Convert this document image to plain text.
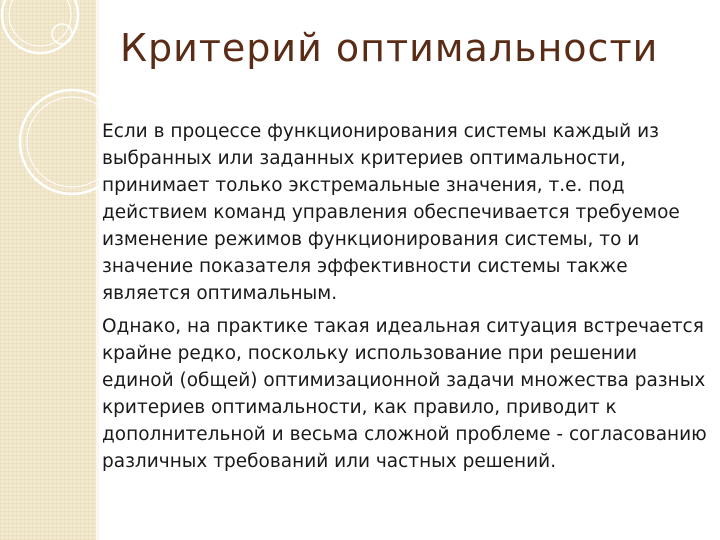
Критерий оптимальности

Если в процессе функционирования системы каждый из выбранных или заданных критериев оптимальности, принимает только экстремальные значения, т.е. под действием команд управления обеспечивается требуемое изменение режимов функционирования системы, то и значение показателя эффективности системы также является оптимальным.

Однако, на практике такая идеальная ситуация встречается крайне редко, поскольку использование при решении единой (общей) оптимизационной задачи множества разных критериев оптимальности, как правило, приводит к дополнительной и весьма сложной проблеме - согласованию различных требований или частных решений.
